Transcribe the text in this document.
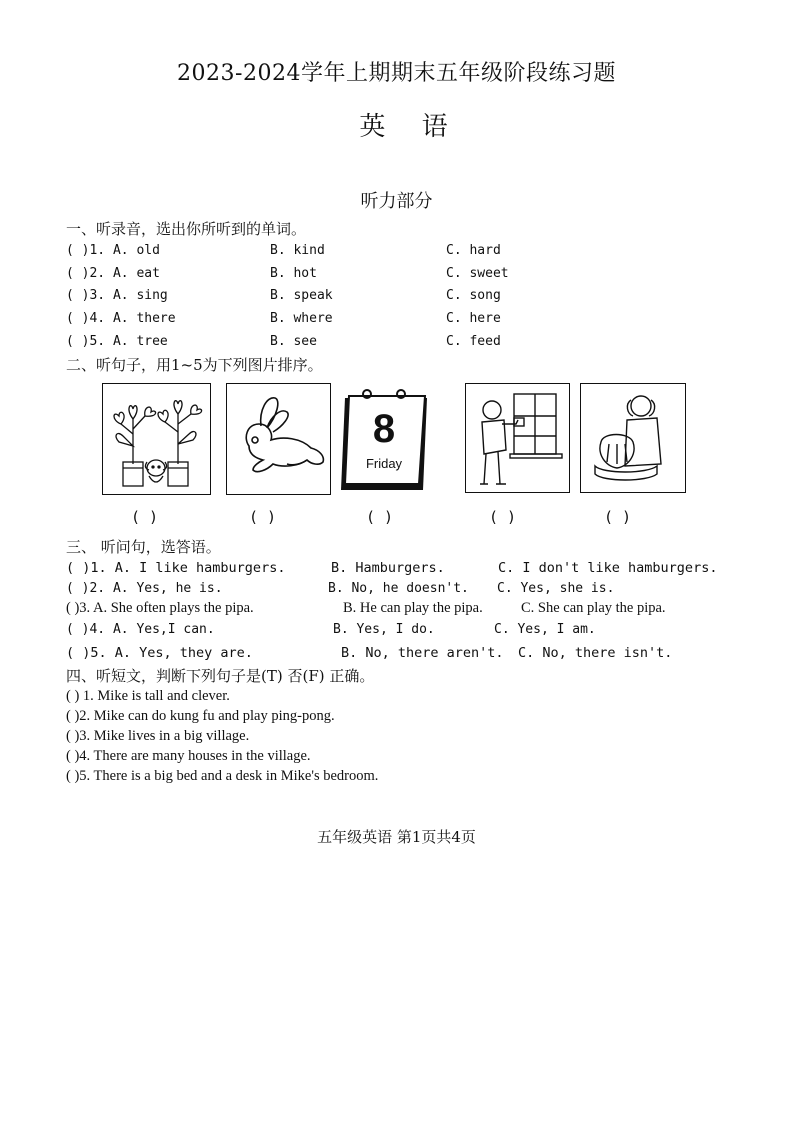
2023-2024学年上期期末五年级阶段练习题
英 语
听力部分
一、听录音，选出你所听到的单词。
( )1. A. old	B. kind	C. hard
( )2. A. eat	B. hot	C. sweet
( )3. A. sing	B. speak	C. song
( )4. A. there	B. where	C. here
( )5. A. tree	B. see	C. feed
二、听句子，用1~5为下列图片排序。
8
Friday
( )	( )	( )	( )	( )
三、 听问句，选答语。
( )1. A. I like hamburgers.	B. Hamburgers.	C. I don't like hamburgers.
( )2. A. Yes, he is.	B. No, he doesn't. C. Yes, she is.
( )3. A. She often plays the pipa.	B. He can play the pipa.	C. She can play the pipa.
( )4. A. Yes,I can.	B. Yes, I do.	C. Yes, I am.
( )5. A. Yes, they are.	B. No, there aren't. C. No, there isn't.
四、听短文，判断下列句子是(T) 否(F) 正确。
( ) 1. Mike is tall and clever.
( )2. Mike can do kung fu and play ping-pong.
( )3. Mike lives in a big village.
( )4. There are many houses in the village.
( )5. There is a big bed and a desk in Mike's bedroom.
五年级英语 第1页共4页
